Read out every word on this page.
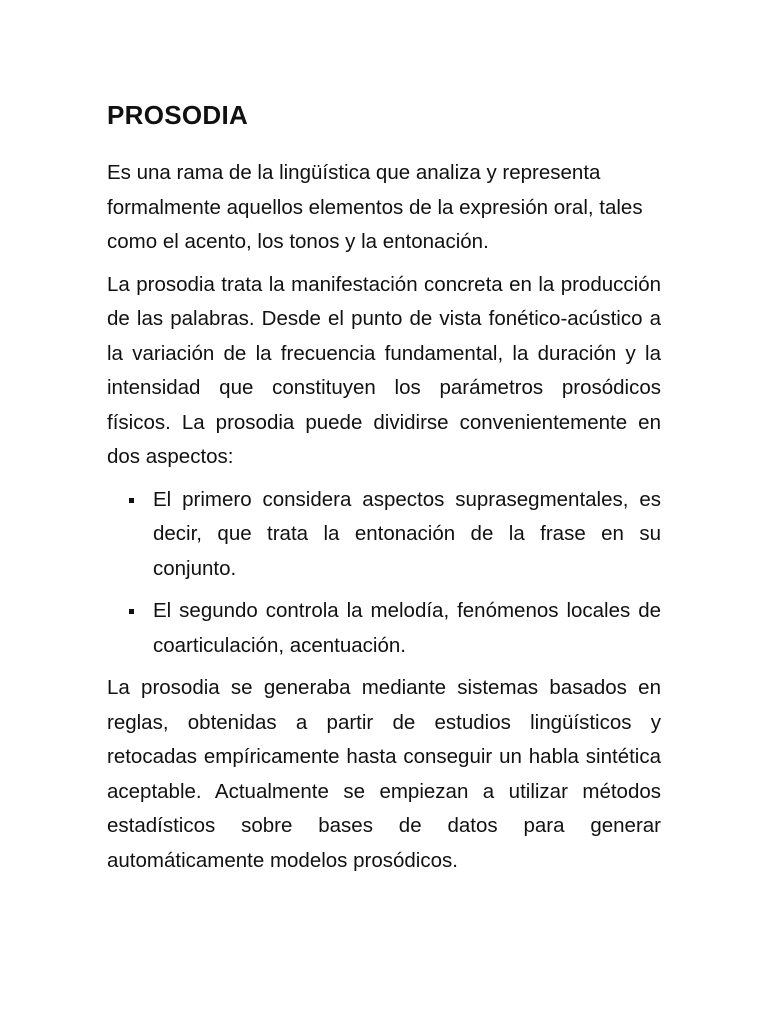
PROSODIA

Es una rama de la lingüística que analiza y representa formalmente aquellos elementos de la expresión oral, tales como el acento, los tonos y la entonación.

La prosodia trata la manifestación concreta en la producción de las palabras. Desde el punto de vista fonético-acústico a la variación de la frecuencia fundamental, la duración y la intensidad que constituyen los parámetros prosódicos físicos. La prosodia puede dividirse convenientemente en dos aspectos:

El primero considera aspectos suprasegmentales, es decir, que trata la entonación de la frase en su conjunto.
El segundo controla la melodía, fenómenos locales de coarticulación, acentuación.

La prosodia se generaba mediante sistemas basados en reglas, obtenidas a partir de estudios lingüísticos y retocadas empíricamente hasta conseguir un habla sintética aceptable. Actualmente se empiezan a utilizar métodos estadísticos sobre bases de datos para generar automáticamente modelos prosódicos.
